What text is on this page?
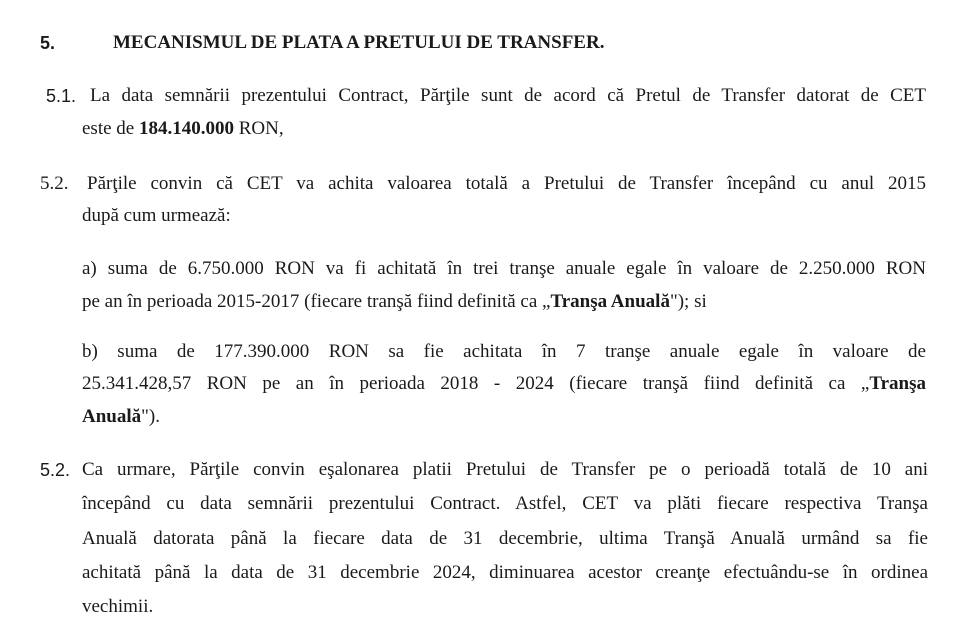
5.	MECANISMUL DE PLATA A PRETULUI DE TRANSFER.
5.1. La data semnării prezentului Contract, Părţile sunt de acord că Pretul de Transfer datorat de CET
este de 184.140.000 RON,
5.2. Părţile convin că CET va achita valoarea totală a Pretului de Transfer începând cu anul 2015
după cum urmează:
a) suma de 6.750.000 RON va fi achitată în trei tranşe anuale egale în valoare de 2.250.000 RON
pe an în perioada 2015-2017 (fiecare tranşă fiind definită ca „Tranşa Anuală"); si
b) suma de 177.390.000 RON sa fie achitata în 7 tranşe anuale egale în valoare de
25.341.428,57 RON pe an în perioada 2018 - 2024 (fiecare tranşă fiind definită ca „Tranşa
Anuală").
5.2. Ca urmare, Părţile convin eşalonarea platii Pretului de Transfer pe o perioadă totală de 10 ani
începând cu data semnării prezentului Contract. Astfel, CET va plăti fiecare respectiva Tranşa
Anuală datorata până la fiecare data de 31 decembrie, ultima Tranşă Anuală urmând sa fie
achitată până la data de 31 decembrie 2024, diminuarea acestor creanţe efectuându-se în ordinea
vechimii.
